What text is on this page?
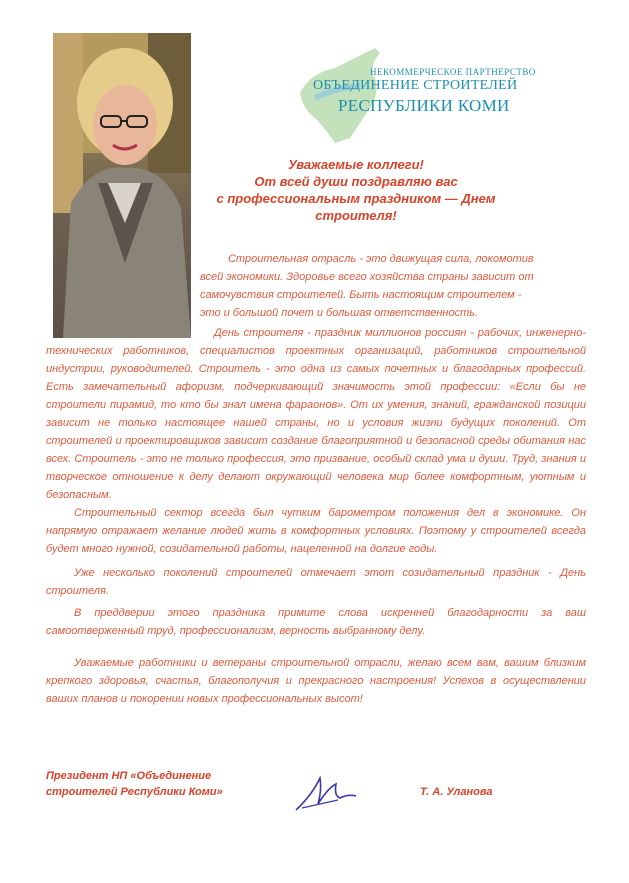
НЕКОММЕРЧЕСКОЕ ПАРТНЕРСТВО
ОБЪЕДИНЕНИЕ СТРОИТЕЛЕЙ
РЕСПУБЛИКИ КОМИ
Уважаемые коллеги!
От всей души поздравляю вас
с профессиональным праздником — Днем строителя!
Строительная отрасль - это движущая сила, локомотив
всей экономики. Здоровье всего хозяйства страны зависит от
самочувствия строителей. Быть настоящим строителем -
это и большой почет и большая ответственность.

День строителя - праздник миллионов россиян - рабочих, инженерно-технических работников, специалистов проектных организаций, работников строительной индустрии, руководителей. Строитель - это одна из самых почетных и благодарных профессий. Есть замечательный афоризм, подчеркивающий значимость этой профессии: «Если бы не строители пирамид, то кто бы знал имена фараонов». От их умения, знаний, гражданской позиции зависит не только настоящее нашей страны, но и условия жизни будущих поколений. От строителей и проектировщиков зависит создание благоприятной и безопасной среды обитания нас всех. Строитель - это не только профессия, это призвание, особый склад ума и души. Труд, знания и творческое отношение к делу делают окружающий человека мир более комфортным, уютным и безопасным.

Строительный сектор всегда был чутким барометром положения дел в экономике. Он напрямую отражает желание людей жить в комфортных условиях. Поэтому у строителей всегда будет много нужной, созидательной работы, нацеленной на долгие годы.

Уже несколько поколений строителей отмечает этот созидательный праздник - День строителя.

В преддверии этого праздника примите слова искренней благодарности за ваш самоотверженный труд, профессионализм, верность выбранному делу.

Уважаемые работники и ветераны строительной отрасли, желаю всем вам, вашим близким крепкого здоровья, счастья, благополучия и прекрасного настроения! Успехов в осуществлении ваших планов и покорении новых профессиональных высот!

Президент НП «Объединение
строителей Республики Коми»	Т. А. Уланова
